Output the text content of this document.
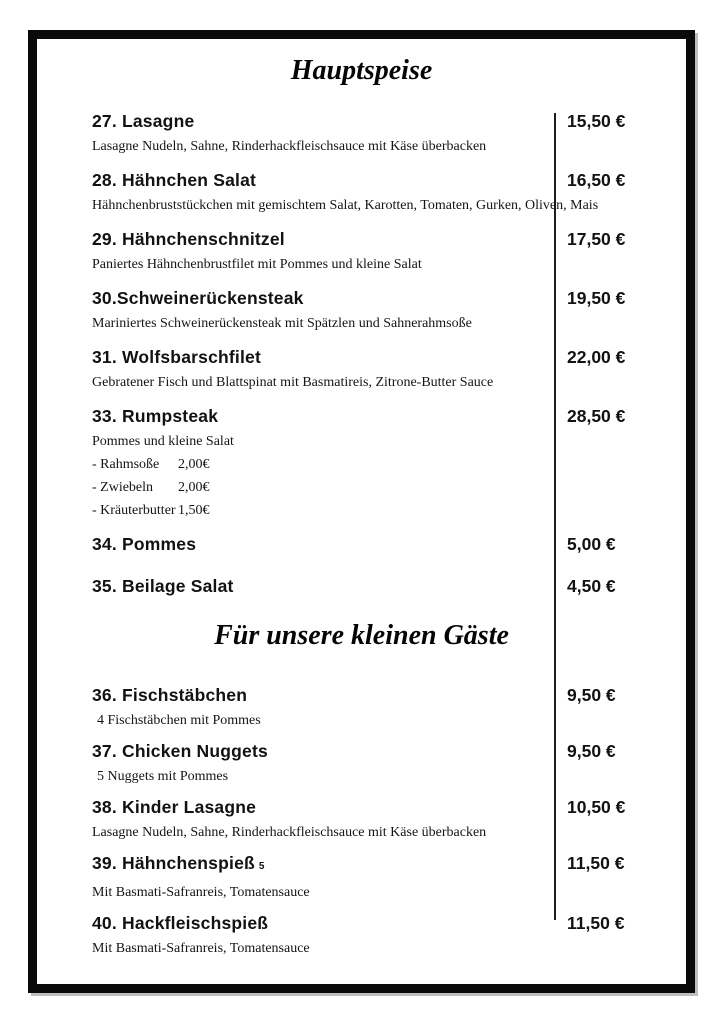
Hauptspeise
27. Lasagne	15,50 €
Lasagne Nudeln, Sahne, Rinderhackfleischsauce mit Käse überbacken
28. Hähnchen Salat	16,50 €
Hähnchenbruststückchen mit gemischtem Salat, Karotten, Tomaten, Gurken, Oliven, Mais
29. Hähnchenschnitzel	17,50 €
Paniertes Hähnchenbrustfilet mit Pommes und kleine Salat
30.Schweinerückensteak	19,50 €
Mariniertes Schweinerückensteak mit Spätzlen und Sahnerahmsoße
31. Wolfsbarschfilet	22,00 €
Gebratener Fisch und Blattspinat mit Basmatireis, Zitrone-Butter Sauce
33. Rumpsteak	28,50 €
Pommes und kleine Salat
- Rahmsoße 2,00€
- Zwiebeln 2,00€
- Kräuterbutter 1,50€
34. Pommes	5,00 €
35. Beilage Salat	4,50 €
Für unsere kleinen Gäste
36. Fischstäbchen	9,50 €
4 Fischstäbchen mit Pommes
37. Chicken Nuggets	9,50 €
5 Nuggets mit Pommes
38. Kinder Lasagne	10,50 €
Lasagne Nudeln, Sahne, Rinderhackfleischsauce mit Käse überbacken
39. Hähnchenspieß 5	11,50 €
Mit Basmati-Safranreis, Tomatensauce
40. Hackfleischspieß	11,50 €
Mit Basmati-Safranreis, Tomatensauce
